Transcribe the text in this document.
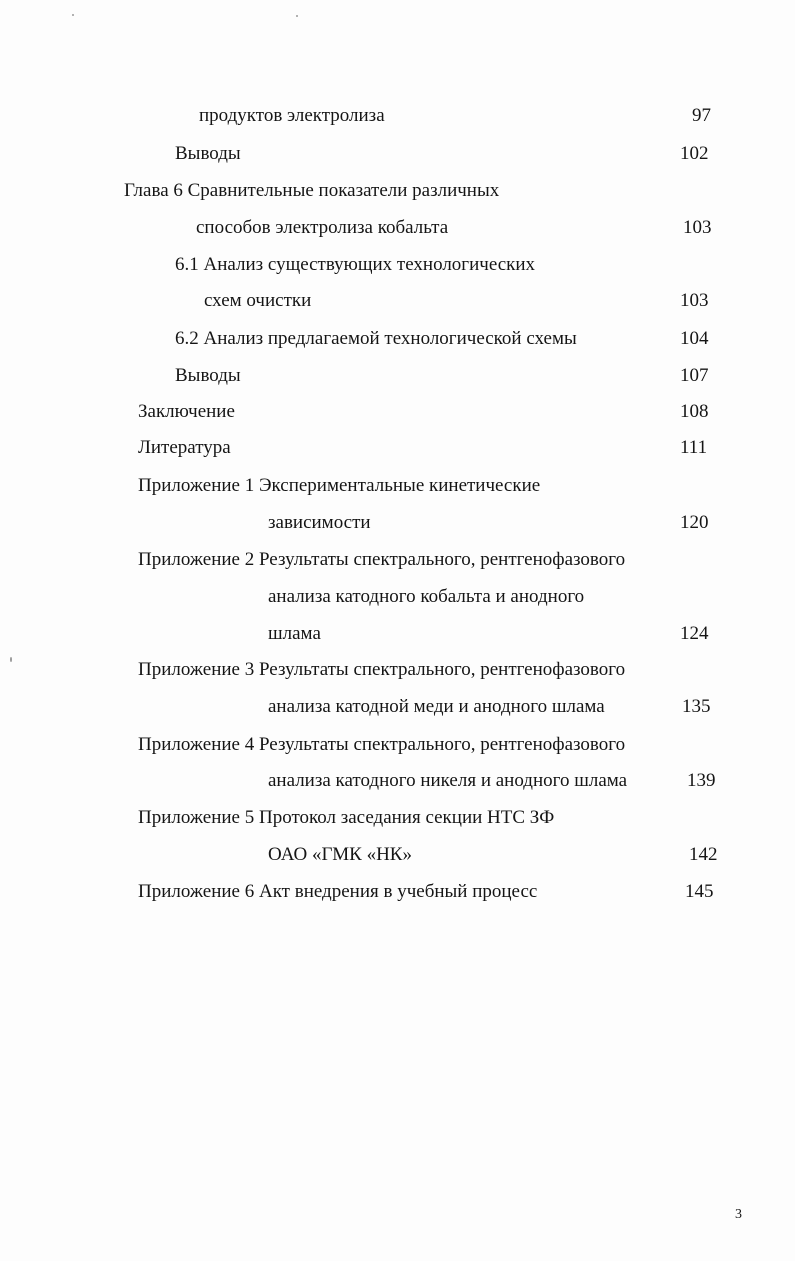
продуктов электролиза	97
Выводы	102
Глава 6 Сравнительные показатели различных
способов электролиза кобальта	103
6.1 Анализ существующих технологических
схем очистки	103
6.2 Анализ предлагаемой технологической схемы	104
Выводы	107
Заключение	108
Литература	111
Приложение 1 Экспериментальные кинетические
зависимости	120
Приложение 2 Результаты спектрального, рентгенофазового
анализа катодного кобальта и анодного
шлама	124
Приложение 3 Результаты спектрального, рентгенофазового
анализа катодной меди и анодного шлама	135
Приложение 4 Результаты спектрального, рентгенофазового
анализа катодного никеля и анодного шлама	139
Приложение 5 Протокол заседания секции НТС ЗФ
ОАО «ГМК «НК»	142
Приложение 6 Акт внедрения в учебный процесс	145
3
